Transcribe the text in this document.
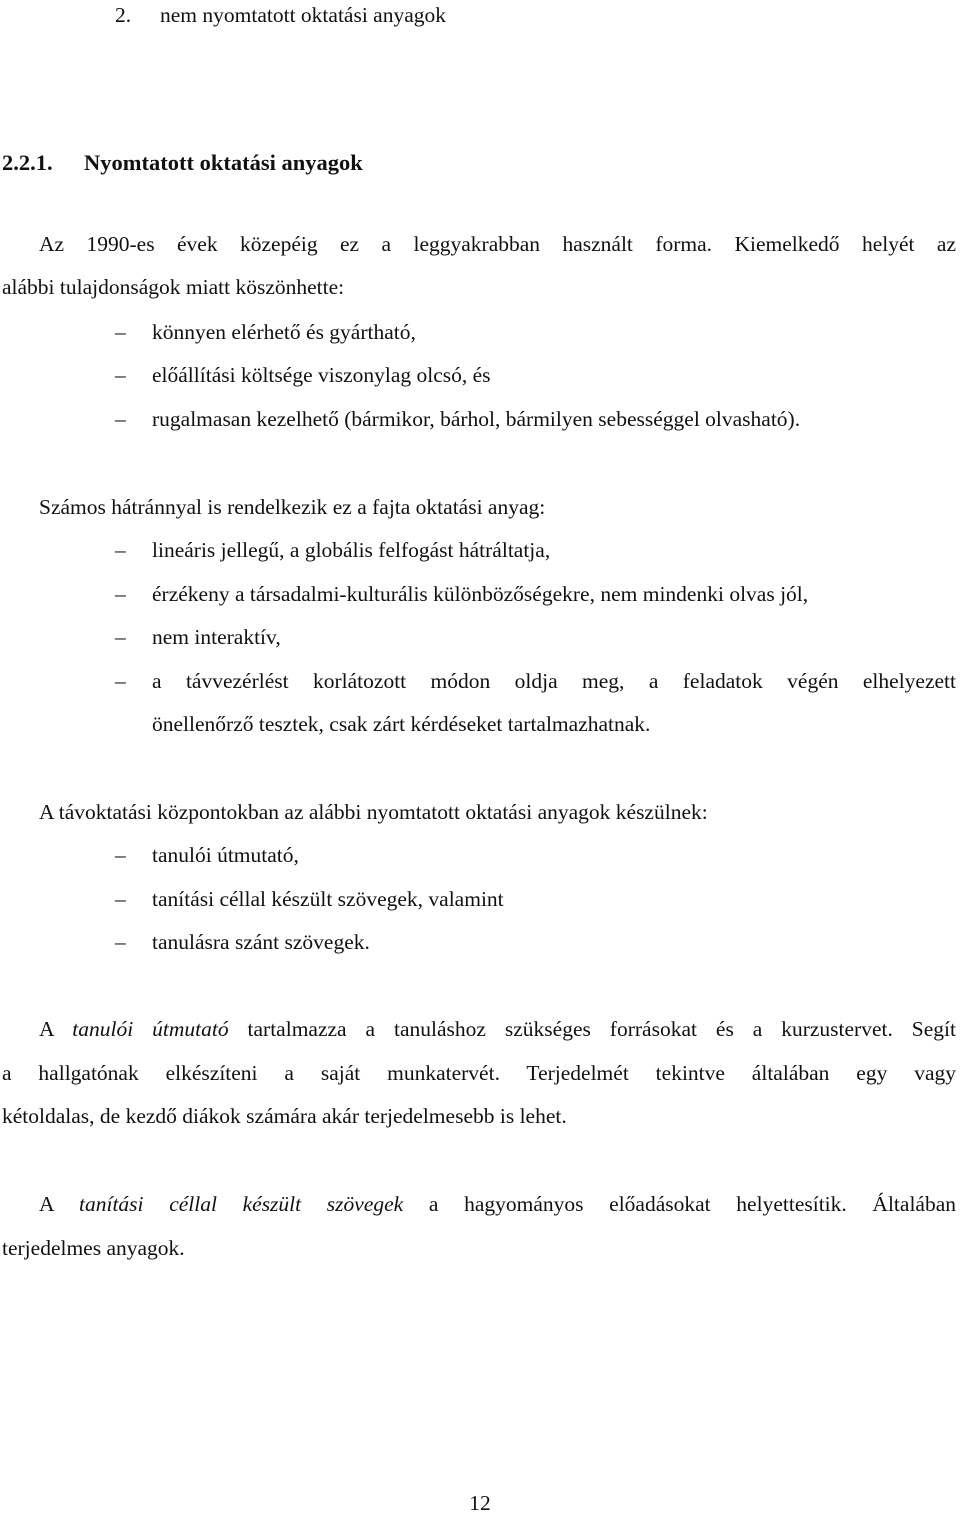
2. nem nyomtatott oktatási anyagok
2.2.1. Nyomtatott oktatási anyagok
Az 1990-es évek közepéig ez a leggyakrabban használt forma. Kiemelkedő helyét az
alábbi tulajdonságok miatt köszönhette:
– könnyen elérhető és gyártható,
– előállítási költsége viszonylag olcsó, és
– rugalmasan kezelhető (bármikor, bárhol, bármilyen sebességgel olvasható).
Számos hátránnyal is rendelkezik ez a fajta oktatási anyag:
– lineáris jellegű, a globális felfogást hátráltatja,
– érzékeny a társadalmi-kulturális különbözőségekre, nem mindenki olvas jól,
– nem interaktív,
– a távvezérlést korlátozott módon oldja meg, a feladatok végén elhelyezett
önellenőrző tesztek, csak zárt kérdéseket tartalmazhatnak.
A távoktatási központokban az alábbi nyomtatott oktatási anyagok készülnek:
– tanulói útmutató,
– tanítási céllal készült szövegek, valamint
– tanulásra szánt szövegek.
A tanulói útmutató tartalmazza a tanuláshoz szükséges forrásokat és a kurzustervet. Segít
a hallgatónak elkészíteni a saját munkatervét. Terjedelmét tekintve általában egy vagy
kétoldalas, de kezdő diákok számára akár terjedelmesebb is lehet.
A tanítási céllal készült szövegek a hagyományos előadásokat helyettesítik. Általában
terjedelmes anyagok.
12
